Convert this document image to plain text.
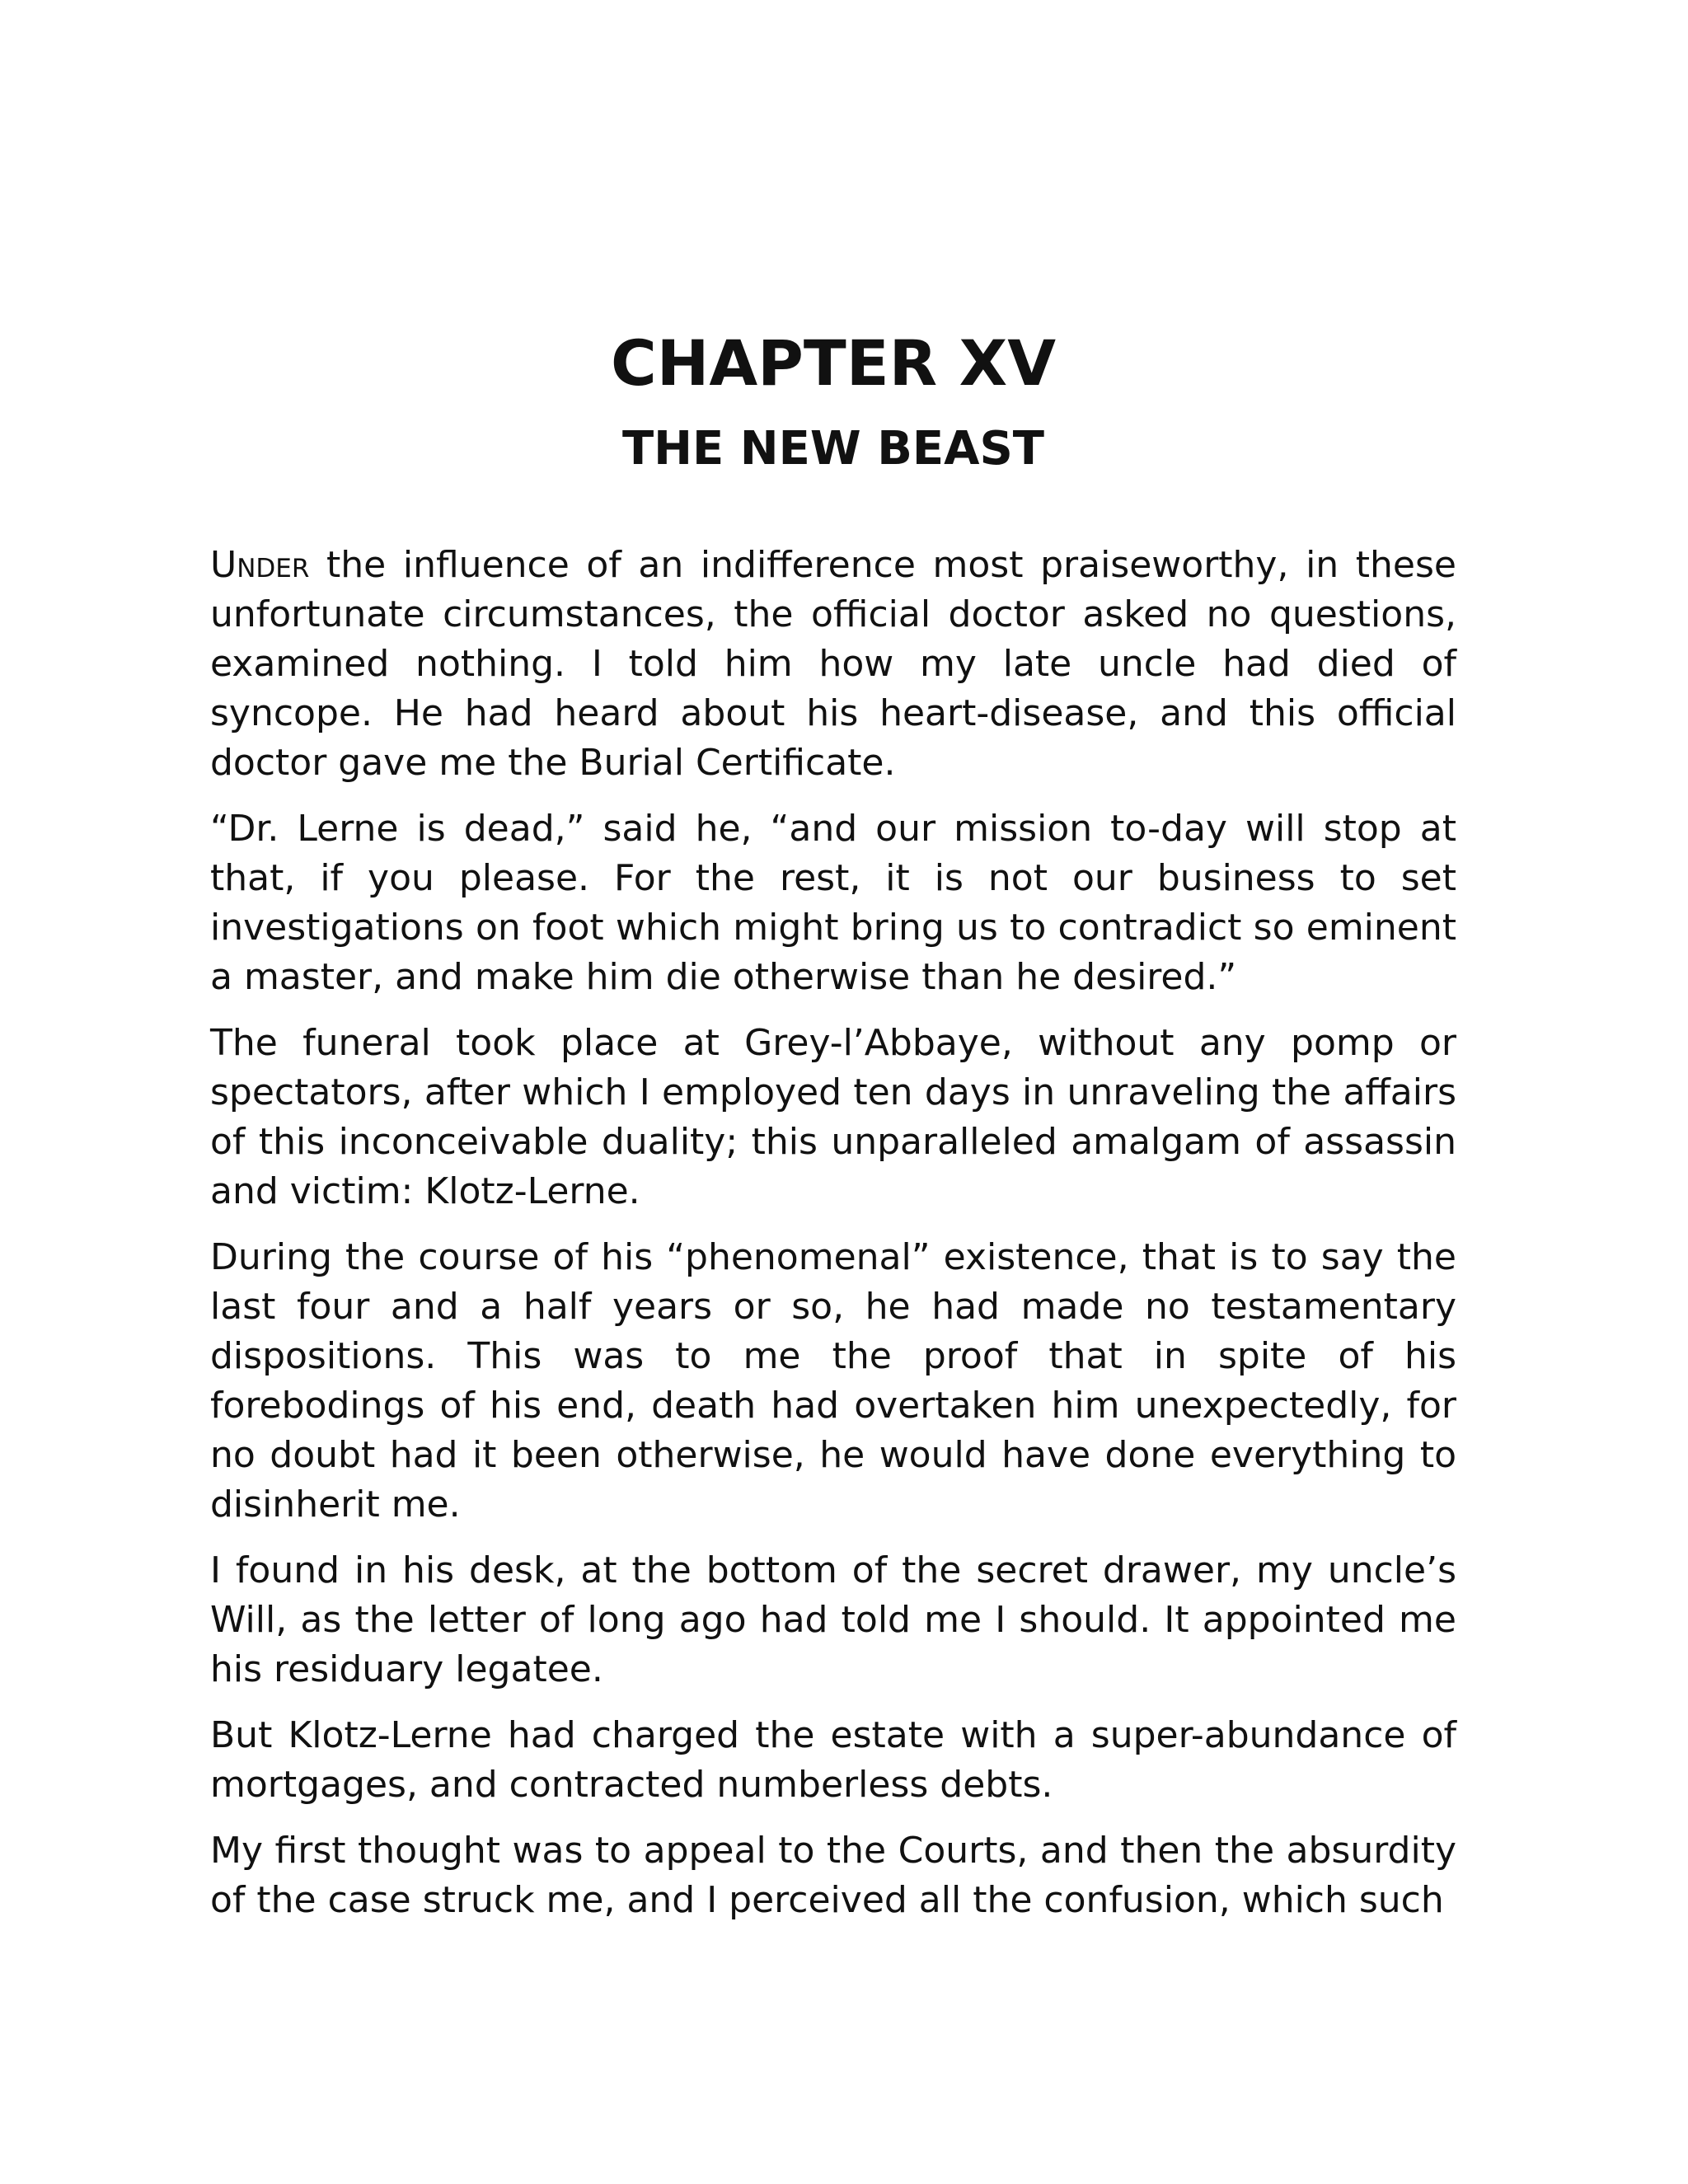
CHAPTER XV
THE NEW BEAST

Under the influence of an indifference most praiseworthy, in these unfortunate circumstances, the official doctor asked no questions, examined nothing. I told him how my late uncle had died of syncope. He had heard about his heart-disease, and this official doctor gave me the Burial Certificate.

“Dr. Lerne is dead,” said he, “and our mission to-day will stop at that, if you please. For the rest, it is not our business to set investigations on foot which might bring us to contradict so eminent a master, and make him die otherwise than he desired.”

The funeral took place at Grey-l’Abbaye, without any pomp or spectators, after which I employed ten days in unraveling the affairs of this inconceivable duality; this unparalleled amalgam of assassin and victim: Klotz-Lerne.

During the course of his “phenomenal” existence, that is to say the last four and a half years or so, he had made no testamentary dispositions. This was to me the proof that in spite of his forebodings of his end, death had overtaken him unexpectedly, for no doubt had it been otherwise, he would have done everything to disinherit me.

I found in his desk, at the bottom of the secret drawer, my uncle’s Will, as the letter of long ago had told me I should. It appointed me his residuary legatee.

But Klotz-Lerne had charged the estate with a super-abundance of mortgages, and contracted numberless debts.

My first thought was to appeal to the Courts, and then the absurdity of the case struck me, and I perceived all the confusion, which such
